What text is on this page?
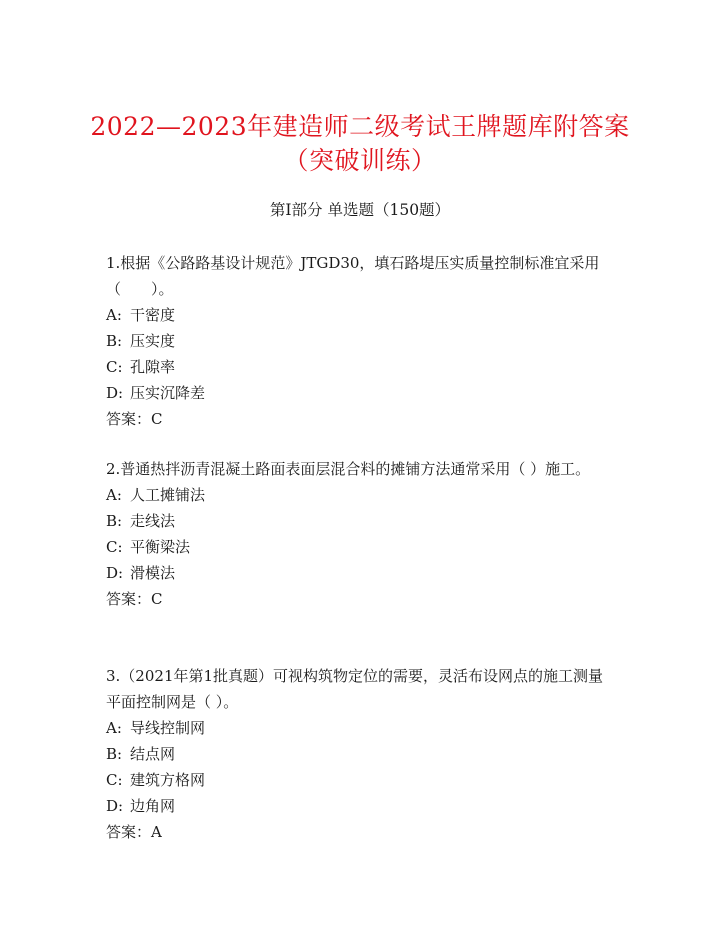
2022—2023年建造师二级考试王牌题库附答案（突破训练）
第I部分 单选题（150题）

1.根据《公路路基设计规范》JTGD30，填石路堤压实质量控制标准宜采用（　　）。

A: 干密度

B: 压实度

C: 孔隙率

D: 压实沉降差

答案：C

2.普通热拌沥青混凝土路面表面层混合料的摊铺方法通常采用（ ）施工。

A: 人工摊铺法

B: 走线法

C: 平衡梁法

D: 滑模法

答案：C

3.（2021年第1批真题）可视构筑物定位的需要，灵活布设网点的施工测量平面控制网是（ ）。

A: 导线控制网

B: 结点网

C: 建筑方格网

D: 边角网

答案：A
